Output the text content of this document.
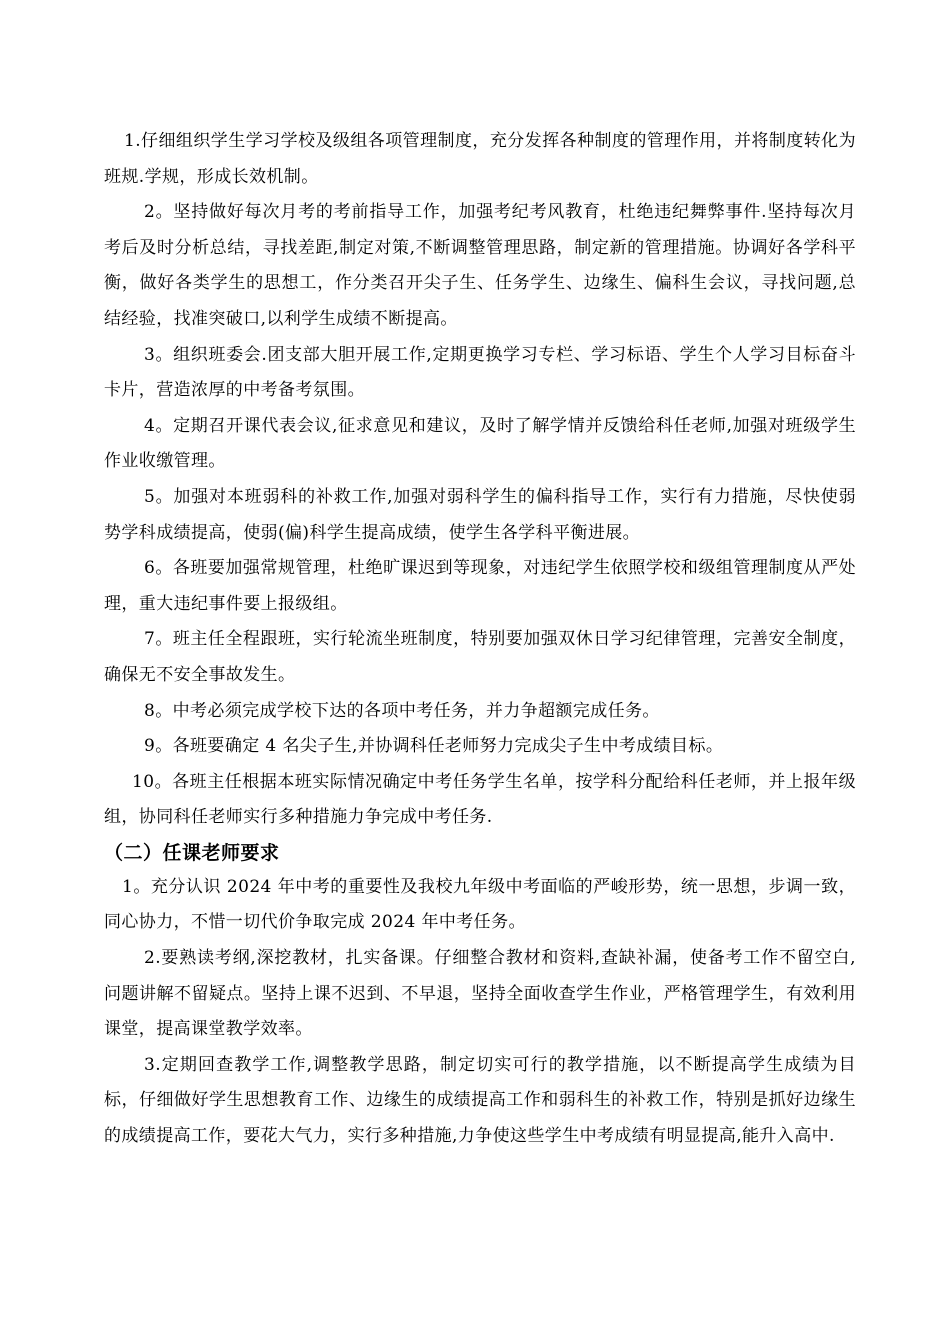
1.仔细组织学生学习学校及级组各项管理制度，充分发挥各种制度的管理作用，并将制度转化为班规.学规，形成长效机制。

2。坚持做好每次月考的考前指导工作，加强考纪考风教育，杜绝违纪舞弊事件.坚持每次月考后及时分析总结，寻找差距,制定对策,不断调整管理思路，制定新的管理措施。协调好各学科平衡，做好各类学生的思想工，作分类召开尖子生、任务学生、边缘生、偏科生会议，寻找问题,总结经验，找准突破口,以利学生成绩不断提高。

3。组织班委会.团支部大胆开展工作,定期更换学习专栏、学习标语、学生个人学习目标奋斗卡片，营造浓厚的中考备考氛围。

4。定期召开课代表会议,征求意见和建议，及时了解学情并反馈给科任老师,加强对班级学生作业收缴管理。

5。加强对本班弱科的补救工作,加强对弱科学生的偏科指导工作，实行有力措施，尽快使弱势学科成绩提高，使弱(偏)科学生提高成绩，使学生各学科平衡进展。

6。各班要加强常规管理，杜绝旷课迟到等现象，对违纪学生依照学校和级组管理制度从严处理，重大违纪事件要上报级组。

7。班主任全程跟班，实行轮流坐班制度，特别要加强双休日学习纪律管理，完善安全制度，确保无不安全事故发生。

8。中考必须完成学校下达的各项中考任务，并力争超额完成任务。

9。各班要确定 4 名尖子生,并协调科任老师努力完成尖子生中考成绩目标。

10。各班主任根据本班实际情况确定中考任务学生名单，按学科分配给科任老师，并上报年级组，协同科任老师实行多种措施力争完成中考任务.

（二）任课老师要求

1。充分认识 2024 年中考的重要性及我校九年级中考面临的严峻形势，统一思想，步调一致，同心协力，不惜一切代价争取完成 2024 年中考任务。

2.要熟读考纲,深挖教材，扎实备课。仔细整合教材和资料,查缺补漏，使备考工作不留空白,问题讲解不留疑点。坚持上课不迟到、不早退，坚持全面收查学生作业，严格管理学生，有效利用课堂，提高课堂教学效率。

3.定期回查教学工作,调整教学思路，制定切实可行的教学措施，以不断提高学生成绩为目标，仔细做好学生思想教育工作、边缘生的成绩提高工作和弱科生的补救工作，特别是抓好边缘生的成绩提高工作，要花大气力，实行多种措施,力争使这些学生中考成绩有明显提高,能升入高中.
